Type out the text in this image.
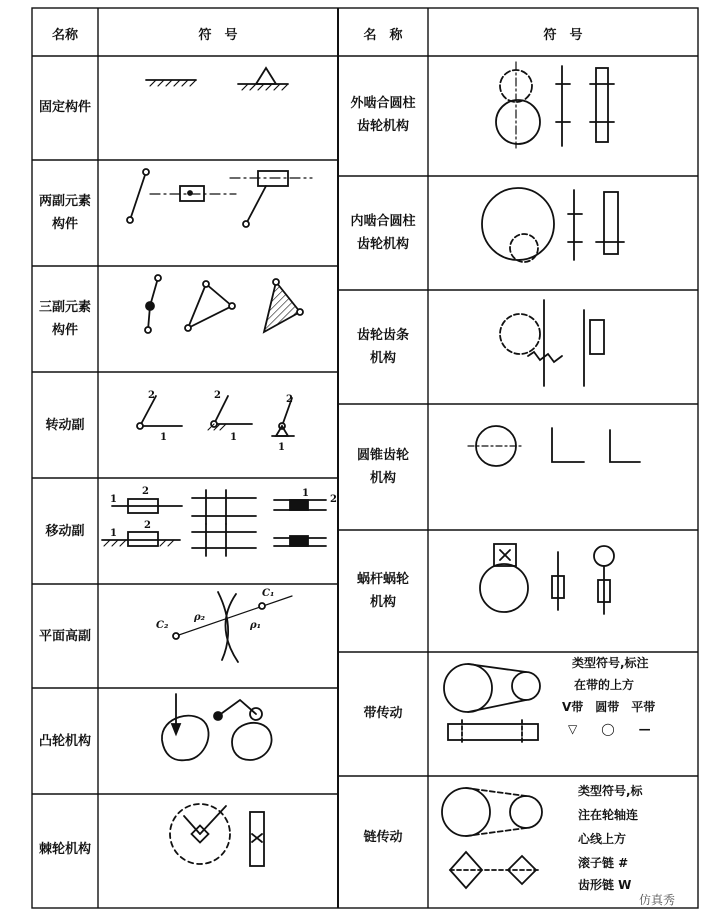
名称	符　号	名　称	符　号
固定构件
两副元素
构件
三副元素
构件
转动副
移动副
平面高副
凸轮机构
棘轮机构
外啮合圆柱
齿轮机构
内啮合圆柱
齿轮机构
齿轮齿条
机构
圆锥齿轮
机构
蜗杆蜗轮
机构
带传动
链传动
类型符号,标注
在带的上方
V带　圆带　平带
▽　　◯　　—
类型符号,标
注在轮轴连
心线上方
滚子链 #
齿形链 W
2
1
2
1
2
1
1
2
1
2
1
2
C₂
ρ₂
C₁
ρ₁
仿真秀
